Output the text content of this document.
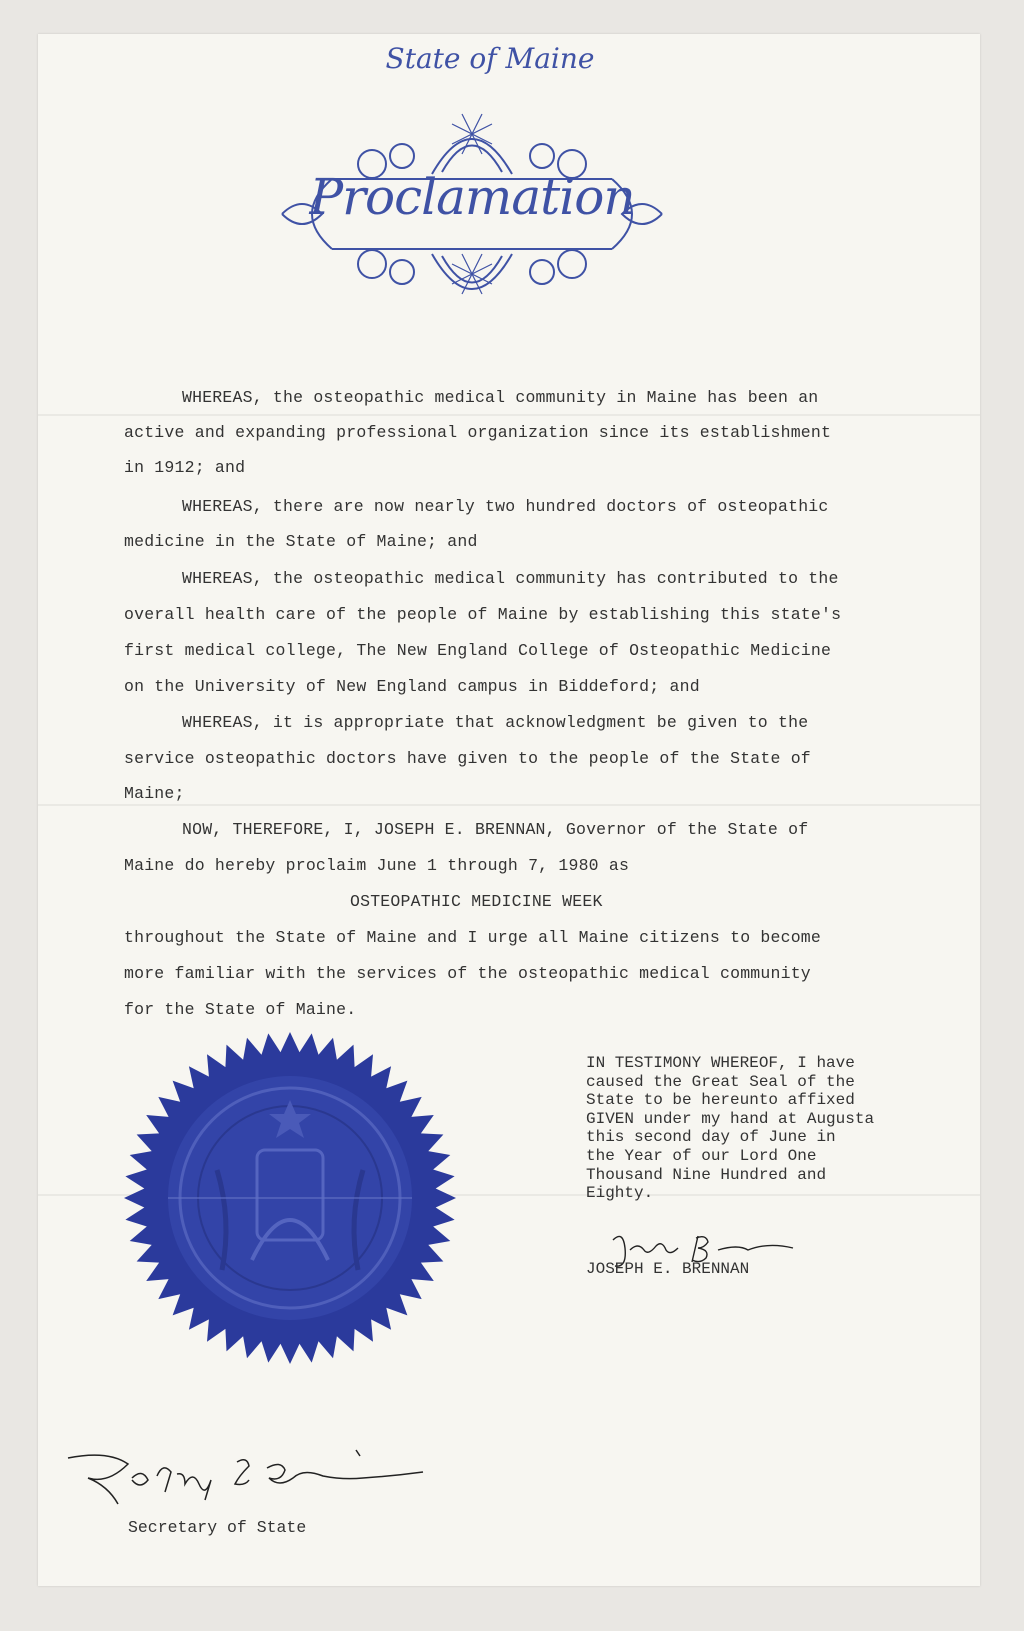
State of Maine
Proclamation
WHEREAS, the osteopathic medical community in Maine has been an
active and expanding professional organization since its establishment
in 1912; and
WHEREAS, there are now nearly two hundred doctors of osteopathic
medicine in the State of Maine; and
WHEREAS, the osteopathic medical community has contributed to the
overall health care of the people of Maine by establishing this state's
first medical college, The New England College of Osteopathic Medicine
on the University of New England campus in Biddeford; and
WHEREAS, it is appropriate that acknowledgment be given to the
service osteopathic doctors have given to the people of the State of
Maine;
NOW, THEREFORE, I, JOSEPH E. BRENNAN, Governor of the State of
Maine do hereby proclaim June 1 through 7, 1980 as
OSTEOPATHIC MEDICINE WEEK
throughout the State of Maine and I urge all Maine citizens to become
more familiar with the services of the osteopathic medical community
for the State of Maine.
IN TESTIMONY WHEREOF, I have
caused the Great Seal of the
State to be hereunto affixed
GIVEN under my hand at Augusta
this second day of June in
the Year of our Lord One
Thousand Nine Hundred and
Eighty.
JOSEPH E. BRENNAN
Secretary of State
